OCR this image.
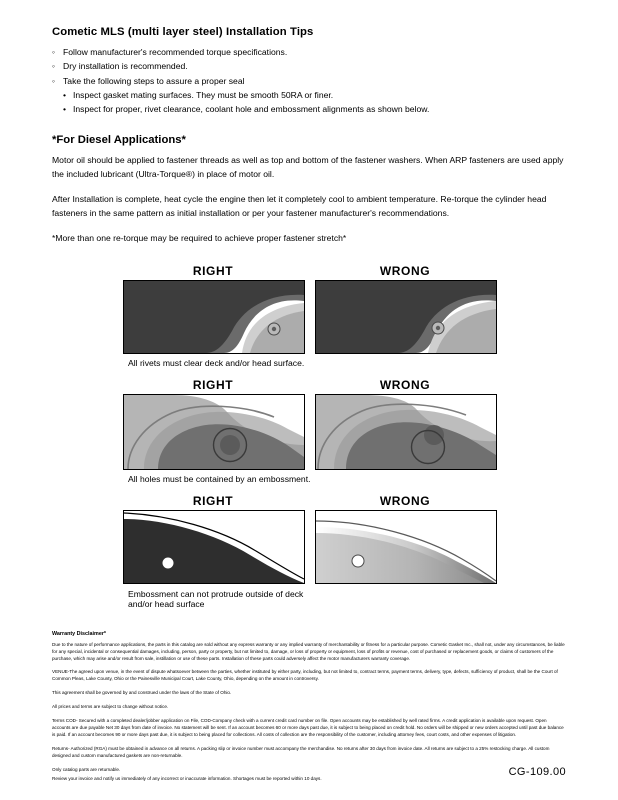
Cometic MLS (multi layer steel) Installation Tips
◦ Follow manufacturer's recommended torque specifications.
◦ Dry installation is recommended.
◦ Take the following steps to assure a proper seal
• Inspect gasket mating surfaces. They must be smooth 50RA or finer.
• Inspect for proper, rivet clearance, coolant hole and embossment alignments as shown below.
*For Diesel Applications*

Motor oil should be applied to fastener threads as well as top and bottom of the fastener washers. When ARP fasteners are used apply the included lubricant (Ultra-Torque®) in place of motor oil.

After Installation is complete, heat cycle the engine then let it completely cool to ambient temperature. Re-torque the cylinder head fasteners in the same pattern as initial installation or per your fastener manufacturer's recommendations.

*More than one re-torque may be required to achieve proper fastener stretch*

RIGHT	WRONG

All rivets must clear deck and/or head surface.

RIGHT	WRONG

All holes must be contained by an embossment.

RIGHT	WRONG

Embossment can not protrude outside of deck

and/or head surface

Warranty Disclaimer*

Due to the nature of performance applications, the parts in this catalog are sold without any express warranty or any implied warranty of merchantability or fitness for a particular purpose. Cometic Gasket Inc., shall not, under any circumstances, be liable for any special, incidental or consequential damages, including, person, party or property, but not limited to, damage, or loss of property or equipment, loss of profits or revenue, cost of purchased or replacement goods, or claims of customers of the purchase, which may arise and/or result from sale, instillation or use of these parts. Installation of these parts could adversely affect the motor manufacturers warranty coverage.

VENUE-The agreed upon venue, in the event of dispute whatsoever between the parties, whether instituted by either party, including, but not limited to, contract terms, payment terms, delivery, type, defects, sufficiency of product, shall be the Court of Common Pleas, Lake County, Ohio or the Painesville Municipal Court, Lake County, Ohio, depending on the amount in controversy.

This agreement shall be governed by and construed under the laws of the State of Ohio.

All prices and terms are subject to change without notice.

Terms COD- Secured with a completed dealer/jobber application on File, COD-Company check with a current credit card number on file. Open accounts may be established by well rated firms. A credit application is available upon request. Open accounts are due payable Net 30 days from date of invoice. No statement will be sent. If an account becomes 60 or more days past due, it is subject to being placed on credit hold. No orders will be shipped or new orders accepted until past due balance is paid. If an account becomes 90 or more days past due, it is subject to being placed for collections. All costs of collection are the responsibility of the customer, including attorney fees, court costs, and other expenses of litigation.

Returns- Authorized (RGA) must be obtained in advance on all returns. A packing slip or invoice number must accompany the merchandise. No returns after 30 days from invoice date. All returns are subject to a 25% restocking charge. All custom designed and custom manufactured gaskets are non-returnable.

Only catalog parts are returnable.

Review your invoice and notify us immediately of any incorrect or inaccurate information. Shortages must be reported within 10 days.

CG-109.00
